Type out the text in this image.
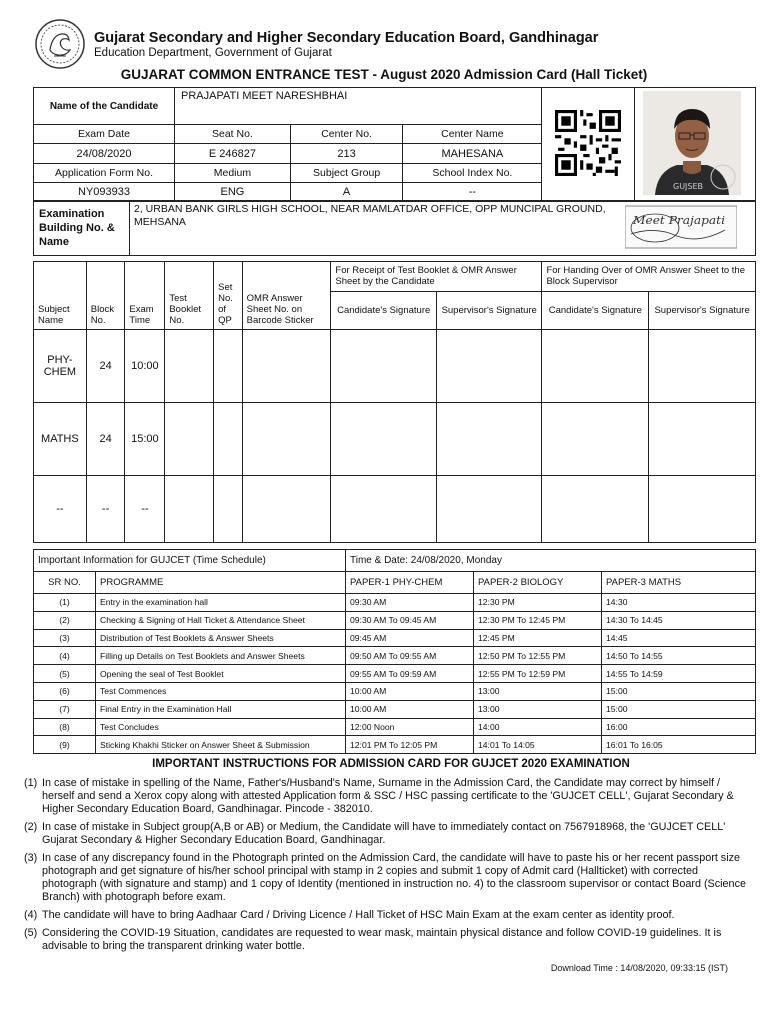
Gujarat Secondary and Higher Secondary Education Board, Gandhinagar
Education Department, Government of Gujarat
GUJARAT COMMON ENTRANCE TEST - August 2020 Admission Card (Hall Ticket)
Name of the Candidate	PRAJAPATI MEET NARESHBHAI				GUJSEB

Exam Date	Seat No.	Center No.	Center Name		
24/08/2020	E 246827	213	MAHESANA		
Application Form No.	Medium	Subject Group	School Index No.		
NY093933	ENG	A	--		
Examination Building No. & Name	2, URBAN BANK GIRLS HIGH SCHOOL, NEAR MAMLATDAR OFFICE, OPP MUNCIPAL GROUND, MEHSANA	Meet Prajapati
Subject Name	Block No.	Exam Time	Test Booklet No.	Set No. of QP	OMR Answer Sheet No. on Barcode Sticker	For Receipt of Test Booklet & OMR Answer Sheet by the Candidate		For Handing Over of OMR Answer Sheet to the Block Supervisor	
						Candidate's Signature	Supervisor's Signature	Candidate's Signature	Supervisor's Signature
PHY-CHEM	24	10:00							
MATHS	24	15:00							
--	--	--							
Important Information for GUJCET (Time Schedule)		Time & Date: 24/08/2020, Monday		
SR NO.	PROGRAMME	PAPER-1 PHY-CHEM	PAPER-2 BIOLOGY	PAPER-3 MATHS
(1)	Entry in the examination hall	09:30 AM	12:30 PM	14:30
(2)	Checking & Signing of Hall Ticket & Attendance Sheet	09:30 AM To 09:45 AM	12:30 PM To 12:45 PM	14:30 To 14:45
(3)	Distribution of Test Booklets & Answer Sheets	09:45 AM	12:45 PM	14:45
(4)	Filling up Details on Test Booklets and Answer Sheets	09:50 AM To 09:55 AM	12:50 PM To 12:55 PM	14:50 To 14:55
(5)	Opening the seal of Test Booklet	09:55 AM To 09:59 AM	12:55 PM To 12:59 PM	14:55 To 14:59
(6)	Test Commences	10:00 AM	13:00	15:00
(7)	Final Entry in the Examination Hall	10:00 AM	13:00	15:00
(8)	Test Concludes	12:00 Noon	14:00	16:00
(9)	Sticking Khakhi Sticker on Answer Sheet & Submission	12:01 PM To 12:05 PM	14:01 To 14:05	16:01 To 16:05
IMPORTANT INSTRUCTIONS FOR ADMISSION CARD FOR GUJCET 2020 EXAMINATION
(1) In case of mistake in spelling of the Name, Father's/Husband's Name, Surname in the Admission Card, the Candidate may correct by himself / herself and send a Xerox copy along with attested Application form & SSC / HSC passing certificate to the 'GUJCET CELL', Gujarat Secondary & Higher Secondary Education Board, Gandhinagar. Pincode - 382010.
(2) In case of mistake in Subject group(A,B or AB) or Medium, the Candidate will have to immediately contact on 7567918968, the 'GUJCET CELL' Gujarat Secondary & Higher Secondary Education Board, Gandhinagar.
(3) In case of any discrepancy found in the Photograph printed on the Admission Card, the candidate will have to paste his or her recent passport size photograph and get signature of his/her school principal with stamp in 2 copies and submit 1 copy of Admit card (Hallticket) with corrected photograph (with signature and stamp) and 1 copy of Identity (mentioned in instruction no. 4) to the classroom supervisor or contact Board (Science Branch) with photograph before exam.
(4) The candidate will have to bring Aadhaar Card / Driving Licence / Hall Ticket of HSC Main Exam at the exam center as identity proof.
(5) Considering the COVID-19 Situation, candidates are requested to wear mask, maintain physical distance and follow COVID-19 guidelines. It is advisable to bring the transparent drinking water bottle.
Download Time : 14/08/2020, 09:33:15 (IST)
